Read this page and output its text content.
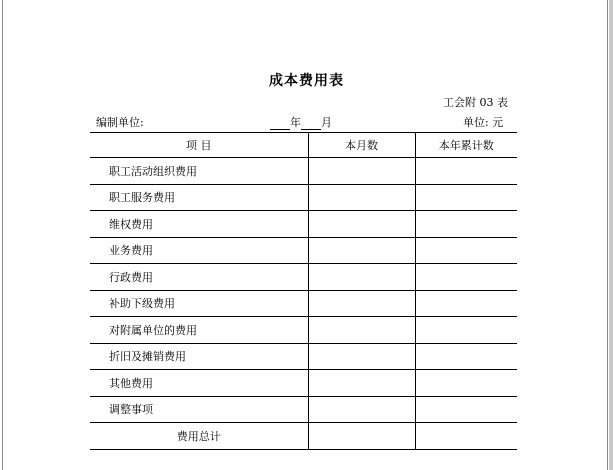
成本费用表
工会附 03 表
编制单位:	年 月	单位: 元
项 目	本月数	本年累计数
职工活动组织费用		
职工服务费用		
维权费用		
业务费用		
行政费用		
补助下级费用		
对附属单位的费用		
折旧及摊销费用		
其他费用		
调整事项		
费用总计		
